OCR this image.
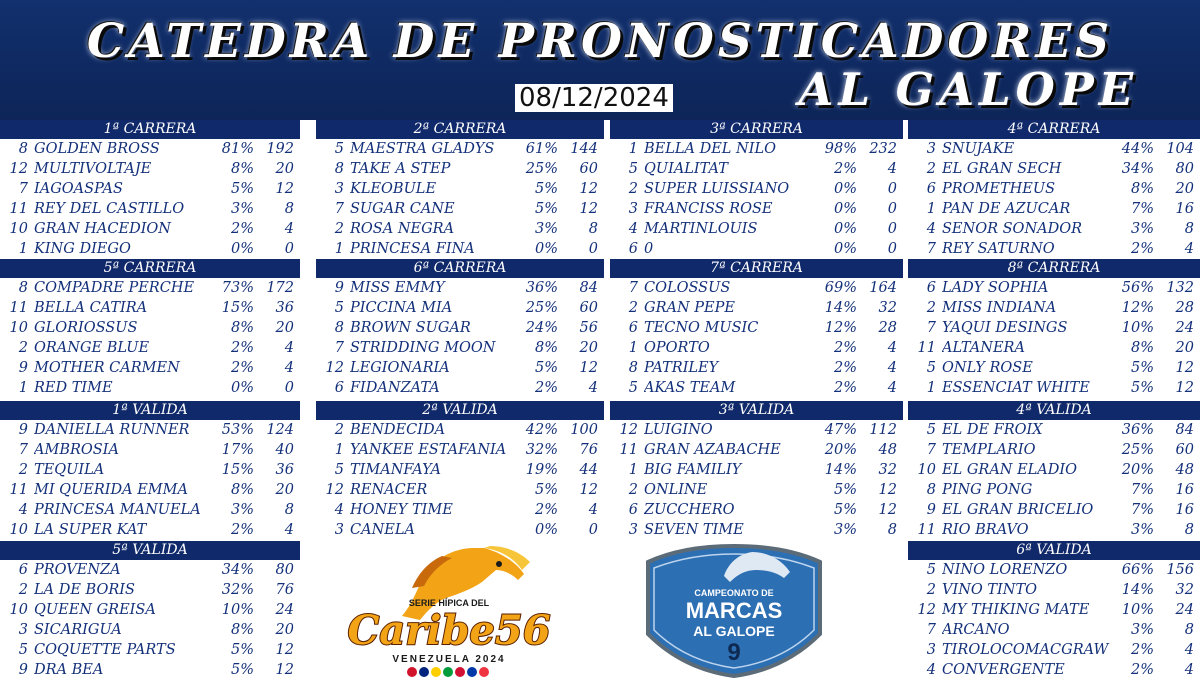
CATEDRA DE PRONOSTICADORES
AL GALOPE
08/12/2024
1ª CARRERA
8 GOLDEN BROSS	81% 192
12 MULTIVOLTAJE	8%	20
7 IAGOASPAS	5%	12
11 REY DEL CASTILLO	3%	8
10 GRAN HACEDION	2%	4
1 KING DIEGO	0%	0
2ª CARRERA
5 MAESTRA GLADYS	61% 144
8 TAKE A STEP	25%	60
3 KLEOBULE	5%	12
7 SUGAR CANE	5%	12
2 ROSA NEGRA	3%	8
1 PRINCESA FINA	0%	0
3ª CARRERA
1 BELLA DEL NILO	98% 232
5 QUIALITAT	2%	4
2 SUPER LUISSIANO	0%	0
3 FRANCISS ROSE	0%	0
4 MARTINLOUIS	0%	0
6 0	0%	0
4ª CARRERA
3 SNUJAKE	44% 104
2 EL GRAN SECH	34%	80
6 PROMETHEUS	8%	20
1 PAN DE AZUCAR	7%	16
4 SEÑOR SOÑADOR	3%	8
7 REY SATURNO	2%	4
5ª CARRERA
8 COMPADRE PERCHE	73% 172
11 BELLA CATIRA	15%	36
10 GLORIOSSUS	8%	20
2 ORANGE BLUE	2%	4
9 MOTHER CARMEN	2%	4
1 RED TIME	0%	0
6ª CARRERA
9 MISS EMMY	36%	84
5 PICCINA MIA	25%	60
8 BROWN SUGAR	24%	56
7 STRIDDING MOON	8%	20
12 LEGIONARIA	5%	12
6 FIDANZATA	2%	4
7ª CARRERA
7 COLOSSUS	69% 164
2 GRAN PEPE	14%	32
6 TECNO MUSIC	12%	28
1 OPORTO	2%	4
8 PATRILEY	2%	4
5 AKAS TEAM	2%	4
8ª CARRERA
6 LADY SOPHIA	56% 132
2 MISS INDIANA	12%	28
7 YAQUI DESINGS	10%	24
11 ALTANERA	8%	20
5 ONLY ROSE	5%	12
1 ESSENCIAT WHITE	5%	12
1ª VALIDA
9 DANIELLA RUNNER	53% 124
7 AMBROSIA	17%	40
2 TEQUILA	15%	36
11 MI QUERIDA EMMA	8%	20
4 PRINCESA MANUELA	3%	8
10 LA SUPER KAT	2%	4
2ª VALIDA
2 BENDECIDA	42% 100
1 YANKEE ESTAFANIA	32%	76
5 TIMANFAYA	19%	44
12 RENACER	5%	12
4 HONEY TIME	2%	4
3 CANELA	0%	0
3ª VALIDA
12 LUIGINO	47% 112
11 GRAN AZABACHE	20%	48
1 BIG FAMILIY	14%	32
2 ONLINE	5%	12
6 ZUCCHERO	5%	12
3 SEVEN TIME	3%	8
4ª VALIDA
5 EL DE FROIX	36%	84
7 TEMPLARIO	25%	60
10 EL GRAN ELADIO	20%	48
8 PING PONG	7%	16
9 EL GRAN BRICELIO	7%	16
11 RIO BRAVO	3%	8
5ª VALIDA
6 PROVENZA	34%	80
2 LA DE BORIS	32%	76
10 QUEEN GREISA	10%	24
3 SICARIGUA	8%	20
5 COQUETTE PARTS	5%	12
9 DRA BEA	5%	12
6ª VALIDA
5 NIÑO LORENZO	66% 156
2 VINO TINTO	14%	32
12 MY THIKING MATE	10%	24
7 ARCANO	3%	8
3 TIROLOCOMACGRAW	2%	4
4 CONVERGENTE	2%	4
SERIE HÍPICA DEL
Caribe56
VENEZUELA 2024
CAMPEONATO DE
MARCAS
AL GALOPE
9
